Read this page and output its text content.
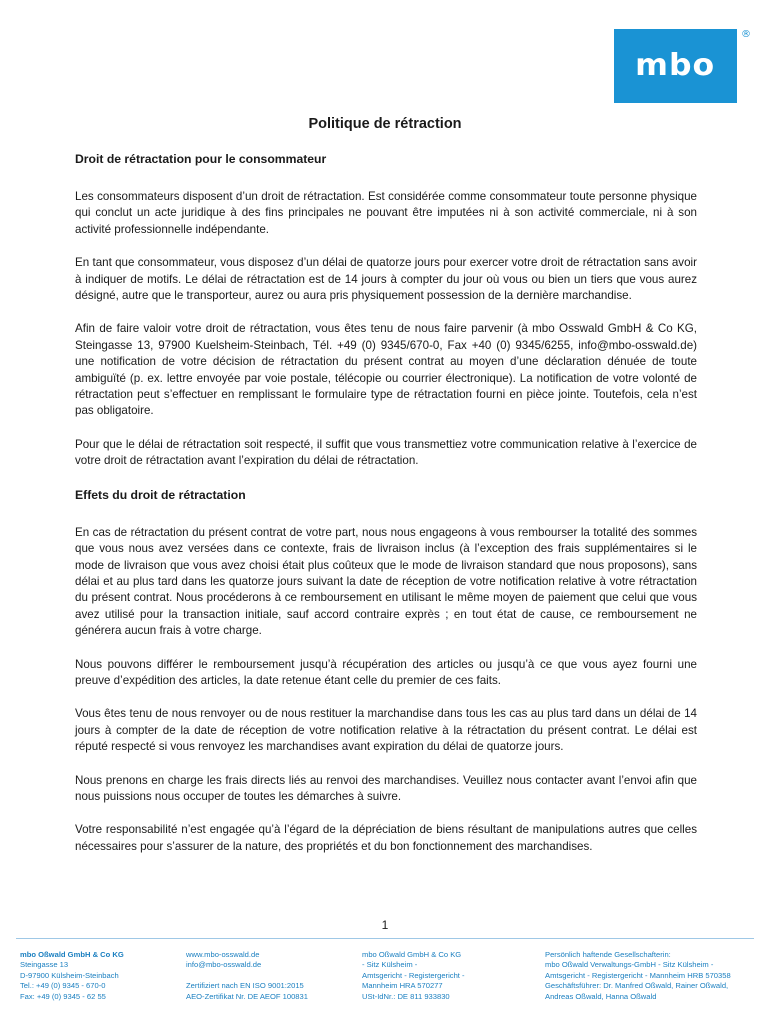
mbo
®
Politique de rétraction
Droit de rétractation pour le consommateur

Les consommateurs disposent d’un droit de rétractation. Est considérée comme consommateur toute personne physique qui conclut un acte juridique à des fins principales ne pouvant être imputées ni à son activité commerciale, ni à son activité professionnelle indépendante.

En tant que consommateur, vous disposez d’un délai de quatorze jours pour exercer votre droit de rétractation sans avoir à indiquer de motifs. Le délai de rétractation est de 14 jours à compter du jour où vous ou bien un tiers que vous aurez désigné, autre que le transporteur, aurez ou aura pris physiquement possession de la dernière marchandise.

Afin de faire valoir votre droit de rétractation, vous êtes tenu de nous faire parvenir (à mbo Osswald GmbH & Co KG, Steingasse 13, 97900 Kuelsheim-Steinbach, Tél. +49 (0) 9345/670-0, Fax +40 (0) 9345/6255, info@mbo-osswald.de) une notification de votre décision de rétractation du présent contrat au moyen d’une déclaration dénuée de toute ambiguïté (p. ex. lettre envoyée par voie postale, télécopie ou courrier électronique). La notification de votre volonté de rétractation peut s’effectuer en remplissant le formulaire type de rétractation fourni en pièce jointe. Toutefois, cela n’est pas obligatoire.

Pour que le délai de rétractation soit respecté, il suffit que vous transmettiez votre communication relative à l’exercice de votre droit de rétractation avant l’expiration du délai de rétractation.

Effets du droit de rétractation

En cas de rétractation du présent contrat de votre part, nous nous engageons à vous rembourser la totalité des sommes que vous nous avez versées dans ce contexte, frais de livraison inclus (à l’exception des frais supplémentaires si le mode de livraison que vous avez choisi était plus coûteux que le mode de livraison standard que nous proposons), sans délai et au plus tard dans les quatorze jours suivant la date de réception de votre notification relative à votre rétractation du présent contrat. Nous procéderons à ce remboursement en utilisant le même moyen de paiement que celui que vous avez utilisé pour la transaction initiale, sauf accord contraire exprès ; en tout état de cause, ce remboursement ne générera aucun frais à votre charge.

Nous pouvons différer le remboursement jusqu’à récupération des articles ou jusqu’à ce que vous ayez fourni une preuve d’expédition des articles, la date retenue étant celle du premier de ces faits.

Vous êtes tenu de nous renvoyer ou de nous restituer la marchandise dans tous les cas au plus tard dans un délai de 14 jours à compter de la date de réception de votre notification relative à la rétractation du présent contrat. Le délai est réputé respecté si vous renvoyez les marchandises avant expiration du délai de quatorze jours.

Nous prenons en charge les frais directs liés au renvoi des marchandises. Veuillez nous contacter avant l’envoi afin que nous puissions nous occuper de toutes les démarches à suivre.

Votre responsabilité n’est engagée qu’à l’égard de la dépréciation de biens résultant de manipulations autres que celles nécessaires pour s’assurer de la nature, des propriétés et du bon fonctionnement des marchandises.

1
mbo Oßwald GmbH & Co KG
Steingasse 13
D-97900 Külsheim-Steinbach
Tel.: +49 (0) 9345 - 670-0
Fax: +49 (0) 9345 - 62 55
www.mbo-osswald.de
info@mbo-osswald.de
Zertifiziert nach EN ISO 9001:2015
AEO-Zertifikat Nr. DE AEOF 100831
mbo Oßwald GmbH & Co KG
- Sitz Külsheim -
Amtsgericht - Registergericht -
Mannheim HRA 570277
USt-IdNr.: DE 811 933830
Persönlich haftende Gesellschafterin:
mbo Oßwald Verwaltungs-GmbH - Sitz Külsheim -
Amtsgericht - Registergericht - Mannheim HRB 570358
Geschäftsführer: Dr. Manfred Oßwald, Rainer Oßwald,
Andreas Oßwald, Hanna Oßwald
